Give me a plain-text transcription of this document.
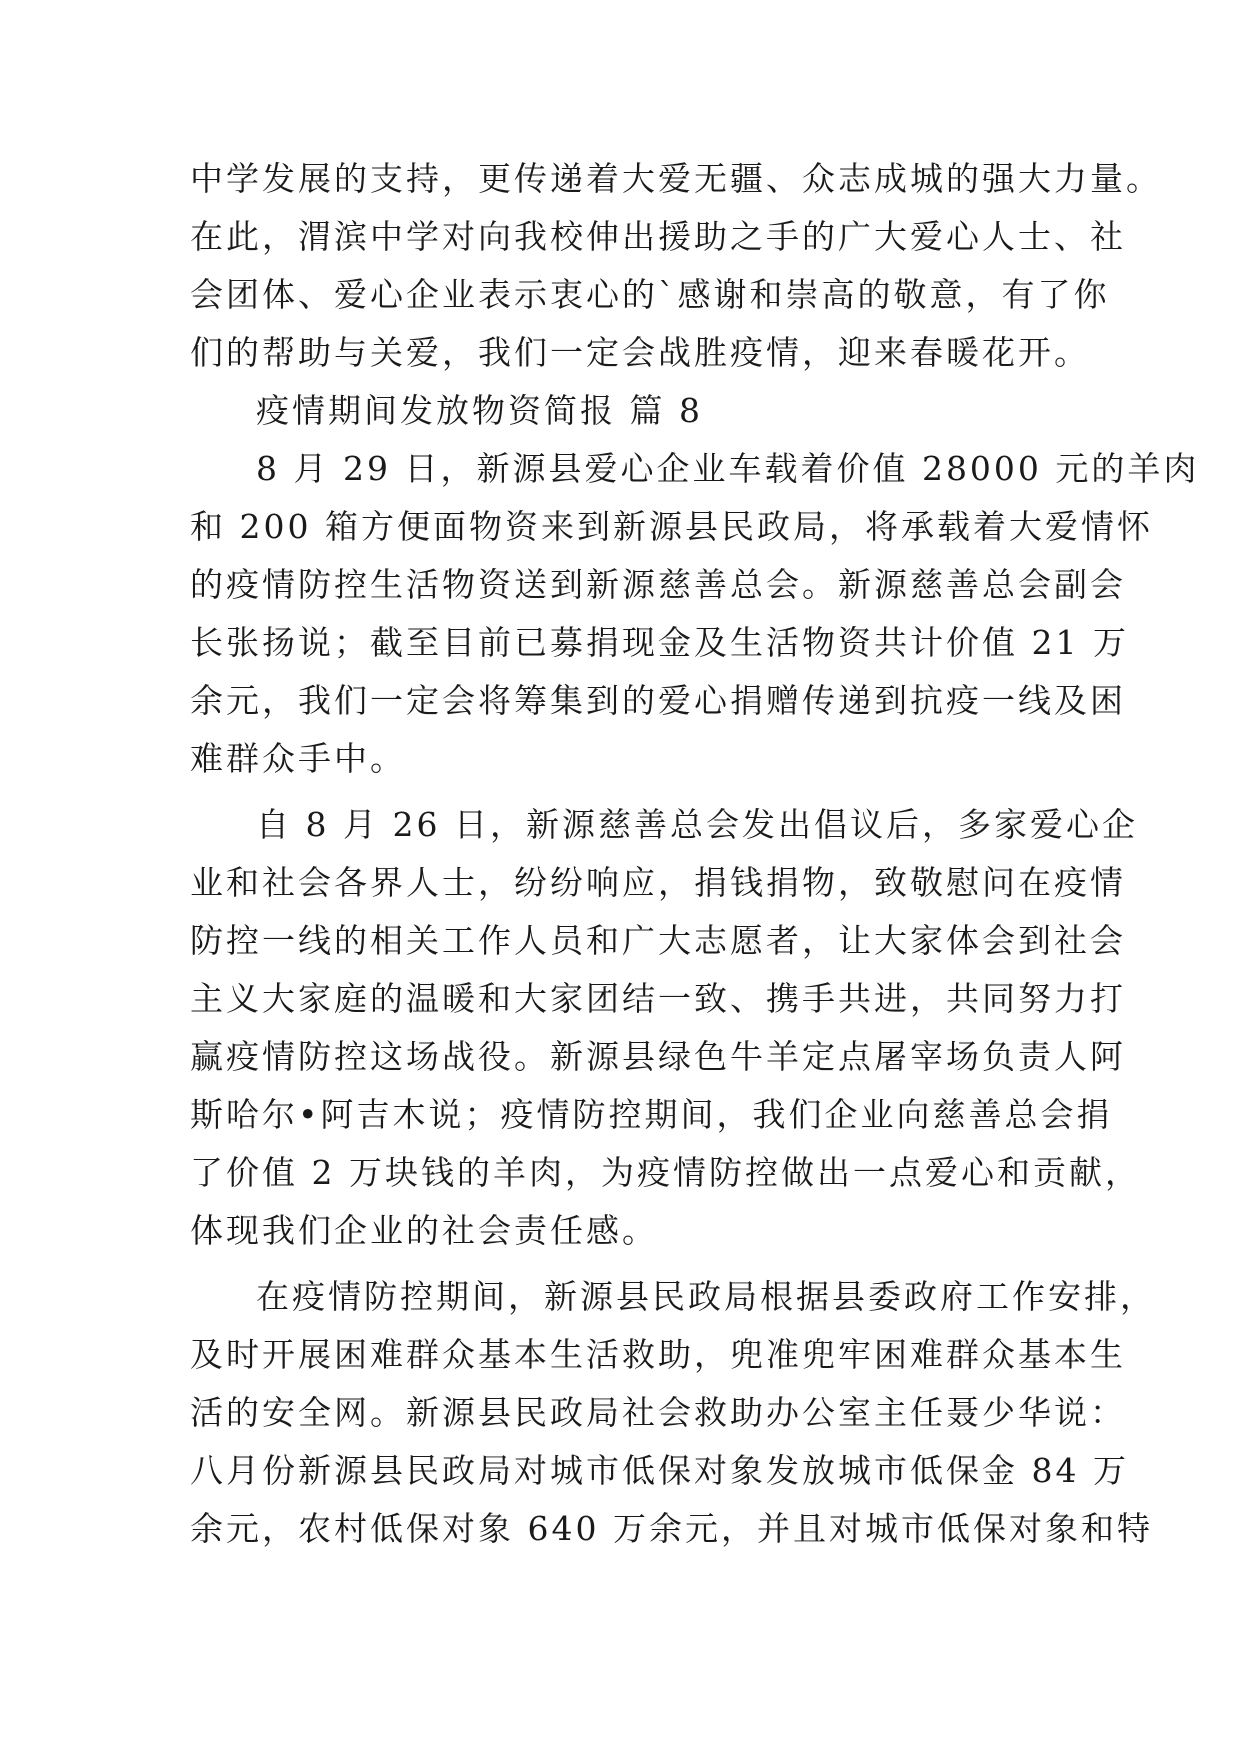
中学发展的支持，更传递着大爱无疆、众志成城的强大力量。
在此，渭滨中学对向我校伸出援助之手的广大爱心人士、社
会团体、爱心企业表示衷心的`感谢和崇高的敬意，有了你
们的帮助与关爱，我们一定会战胜疫情，迎来春暖花开。
疫情期间发放物资简报 篇 8
8 月 29 日，新源县爱心企业车载着价值 28000 元的羊肉
和 200 箱方便面物资来到新源县民政局，将承载着大爱情怀
的疫情防控生活物资送到新源慈善总会。新源慈善总会副会
长张扬说；截至目前已募捐现金及生活物资共计价值 21 万
余元，我们一定会将筹集到的爱心捐赠传递到抗疫一线及困
难群众手中。
自 8 月 26 日，新源慈善总会发出倡议后，多家爱心企
业和社会各界人士，纷纷响应，捐钱捐物，致敬慰问在疫情
防控一线的相关工作人员和广大志愿者，让大家体会到社会
主义大家庭的温暖和大家团结一致、携手共进，共同努力打
赢疫情防控这场战役。新源县绿色牛羊定点屠宰场负责人阿
斯哈尔•阿吉木说；疫情防控期间，我们企业向慈善总会捐
了价值 2 万块钱的羊肉，为疫情防控做出一点爱心和贡献，
体现我们企业的社会责任感。
在疫情防控期间，新源县民政局根据县委政府工作安排，
及时开展困难群众基本生活救助，兜准兜牢困难群众基本生
活的安全网。新源县民政局社会救助办公室主任聂少华说：
八月份新源县民政局对城市低保对象发放城市低保金 84 万
余元，农村低保对象 640 万余元，并且对城市低保对象和特
